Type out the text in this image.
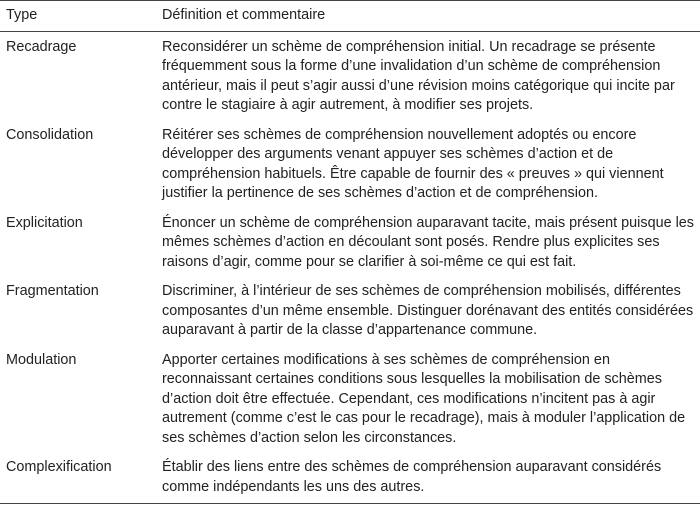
Type	Définition et commentaire
Recadrage	Reconsidérer un schème de compréhension initial. Un recadrage se présente fréquemment sous la forme d’une invalidation d’un schème de compréhension antérieur, mais il peut s’agir aussi d’une révision moins catégorique qui incite par contre le stagiaire à agir autrement, à modifier ses projets.
Consolidation	Réitérer ses schèmes de compréhension nouvellement adoptés ou encore développer des arguments venant appuyer ses schèmes d’action et de compréhension habituels. Être capable de fournir des « preuves » qui viennent justifier la pertinence de ses schèmes d’action et de compréhension.
Explicitation	Énoncer un schème de compréhension auparavant tacite, mais présent puisque les mêmes schèmes d’action en découlant sont posés. Rendre plus explicites ses raisons d’agir, comme pour se clarifier à soi-même ce qui est fait.
Fragmentation	Discriminer, à l’intérieur de ses schèmes de compréhension mobilisés, différentes composantes d’un même ensemble. Distinguer dorénavant des entités considérées auparavant à partir de la classe d’appartenance commune.
Modulation	Apporter certaines modifications à ses schèmes de compréhension en reconnaissant certaines conditions sous lesquelles la mobilisation de schèmes d’action doit être effectuée. Cependant, ces modifications n’incitent pas à agir autrement (comme c’est le cas pour le recadrage), mais à moduler l’application de ses schèmes d’action selon les circonstances.
Complexification	Établir des liens entre des schèmes de compréhension auparavant considérés comme indépendants les uns des autres.
